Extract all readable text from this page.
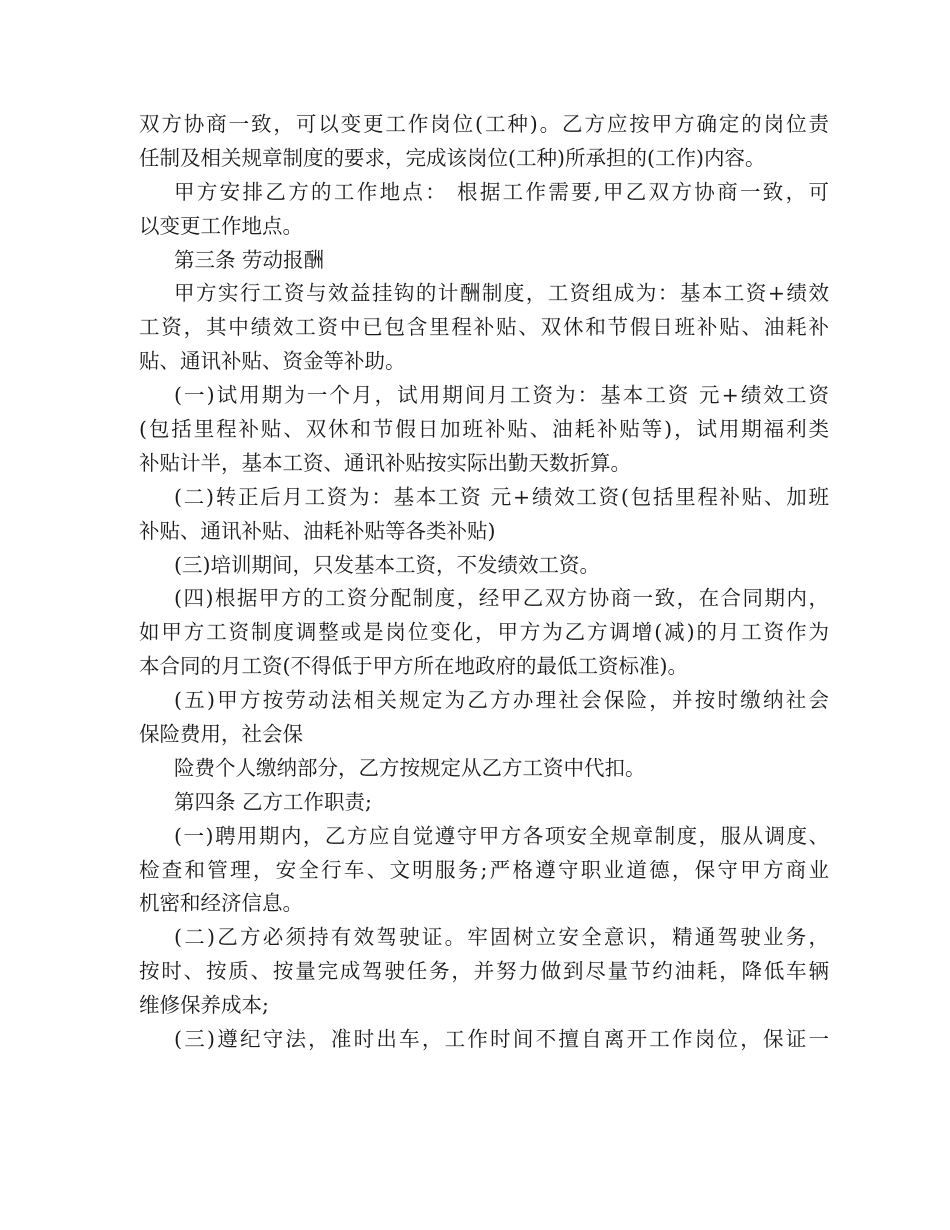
双方协商一致，可以变更工作岗位(工种)。乙方应按甲方确定的岗位责
任制及相关规章制度的要求，完成该岗位(工种)所承担的(工作)内容。
甲方安排乙方的工作地点： 根据工作需要,甲乙双方协商一致，可
以变更工作地点。
第三条 劳动报酬
甲方实行工资与效益挂钩的计酬制度，工资组成为：基本工资+绩效
工资，其中绩效工资中已包含里程补贴、双休和节假日班补贴、油耗补
贴、通讯补贴、资金等补助。
(一)试用期为一个月，试用期间月工资为：基本工资 元+绩效工资
(包括里程补贴、双休和节假日加班补贴、油耗补贴等)，试用期福利类
补贴计半，基本工资、通讯补贴按实际出勤天数折算。
(二)转正后月工资为：基本工资 元+绩效工资(包括里程补贴、加班
补贴、通讯补贴、油耗补贴等各类补贴)
(三)培训期间，只发基本工资，不发绩效工资。
(四)根据甲方的工资分配制度，经甲乙双方协商一致，在合同期内，
如甲方工资制度调整或是岗位变化，甲方为乙方调增(减)的月工资作为
本合同的月工资(不得低于甲方所在地政府的最低工资标准)。
(五)甲方按劳动法相关规定为乙方办理社会保险，并按时缴纳社会
保险费用，社会保
险费个人缴纳部分，乙方按规定从乙方工资中代扣。
第四条 乙方工作职责;
(一)聘用期内，乙方应自觉遵守甲方各项安全规章制度，服从调度、
检查和管理，安全行车、文明服务;严格遵守职业道德，保守甲方商业
机密和经济信息。
(二)乙方必须持有效驾驶证。牢固树立安全意识，精通驾驶业务，
按时、按质、按量完成驾驶任务，并努力做到尽量节约油耗，降低车辆
维修保养成本;
(三)遵纪守法，准时出车，工作时间不擅自离开工作岗位，保证一
